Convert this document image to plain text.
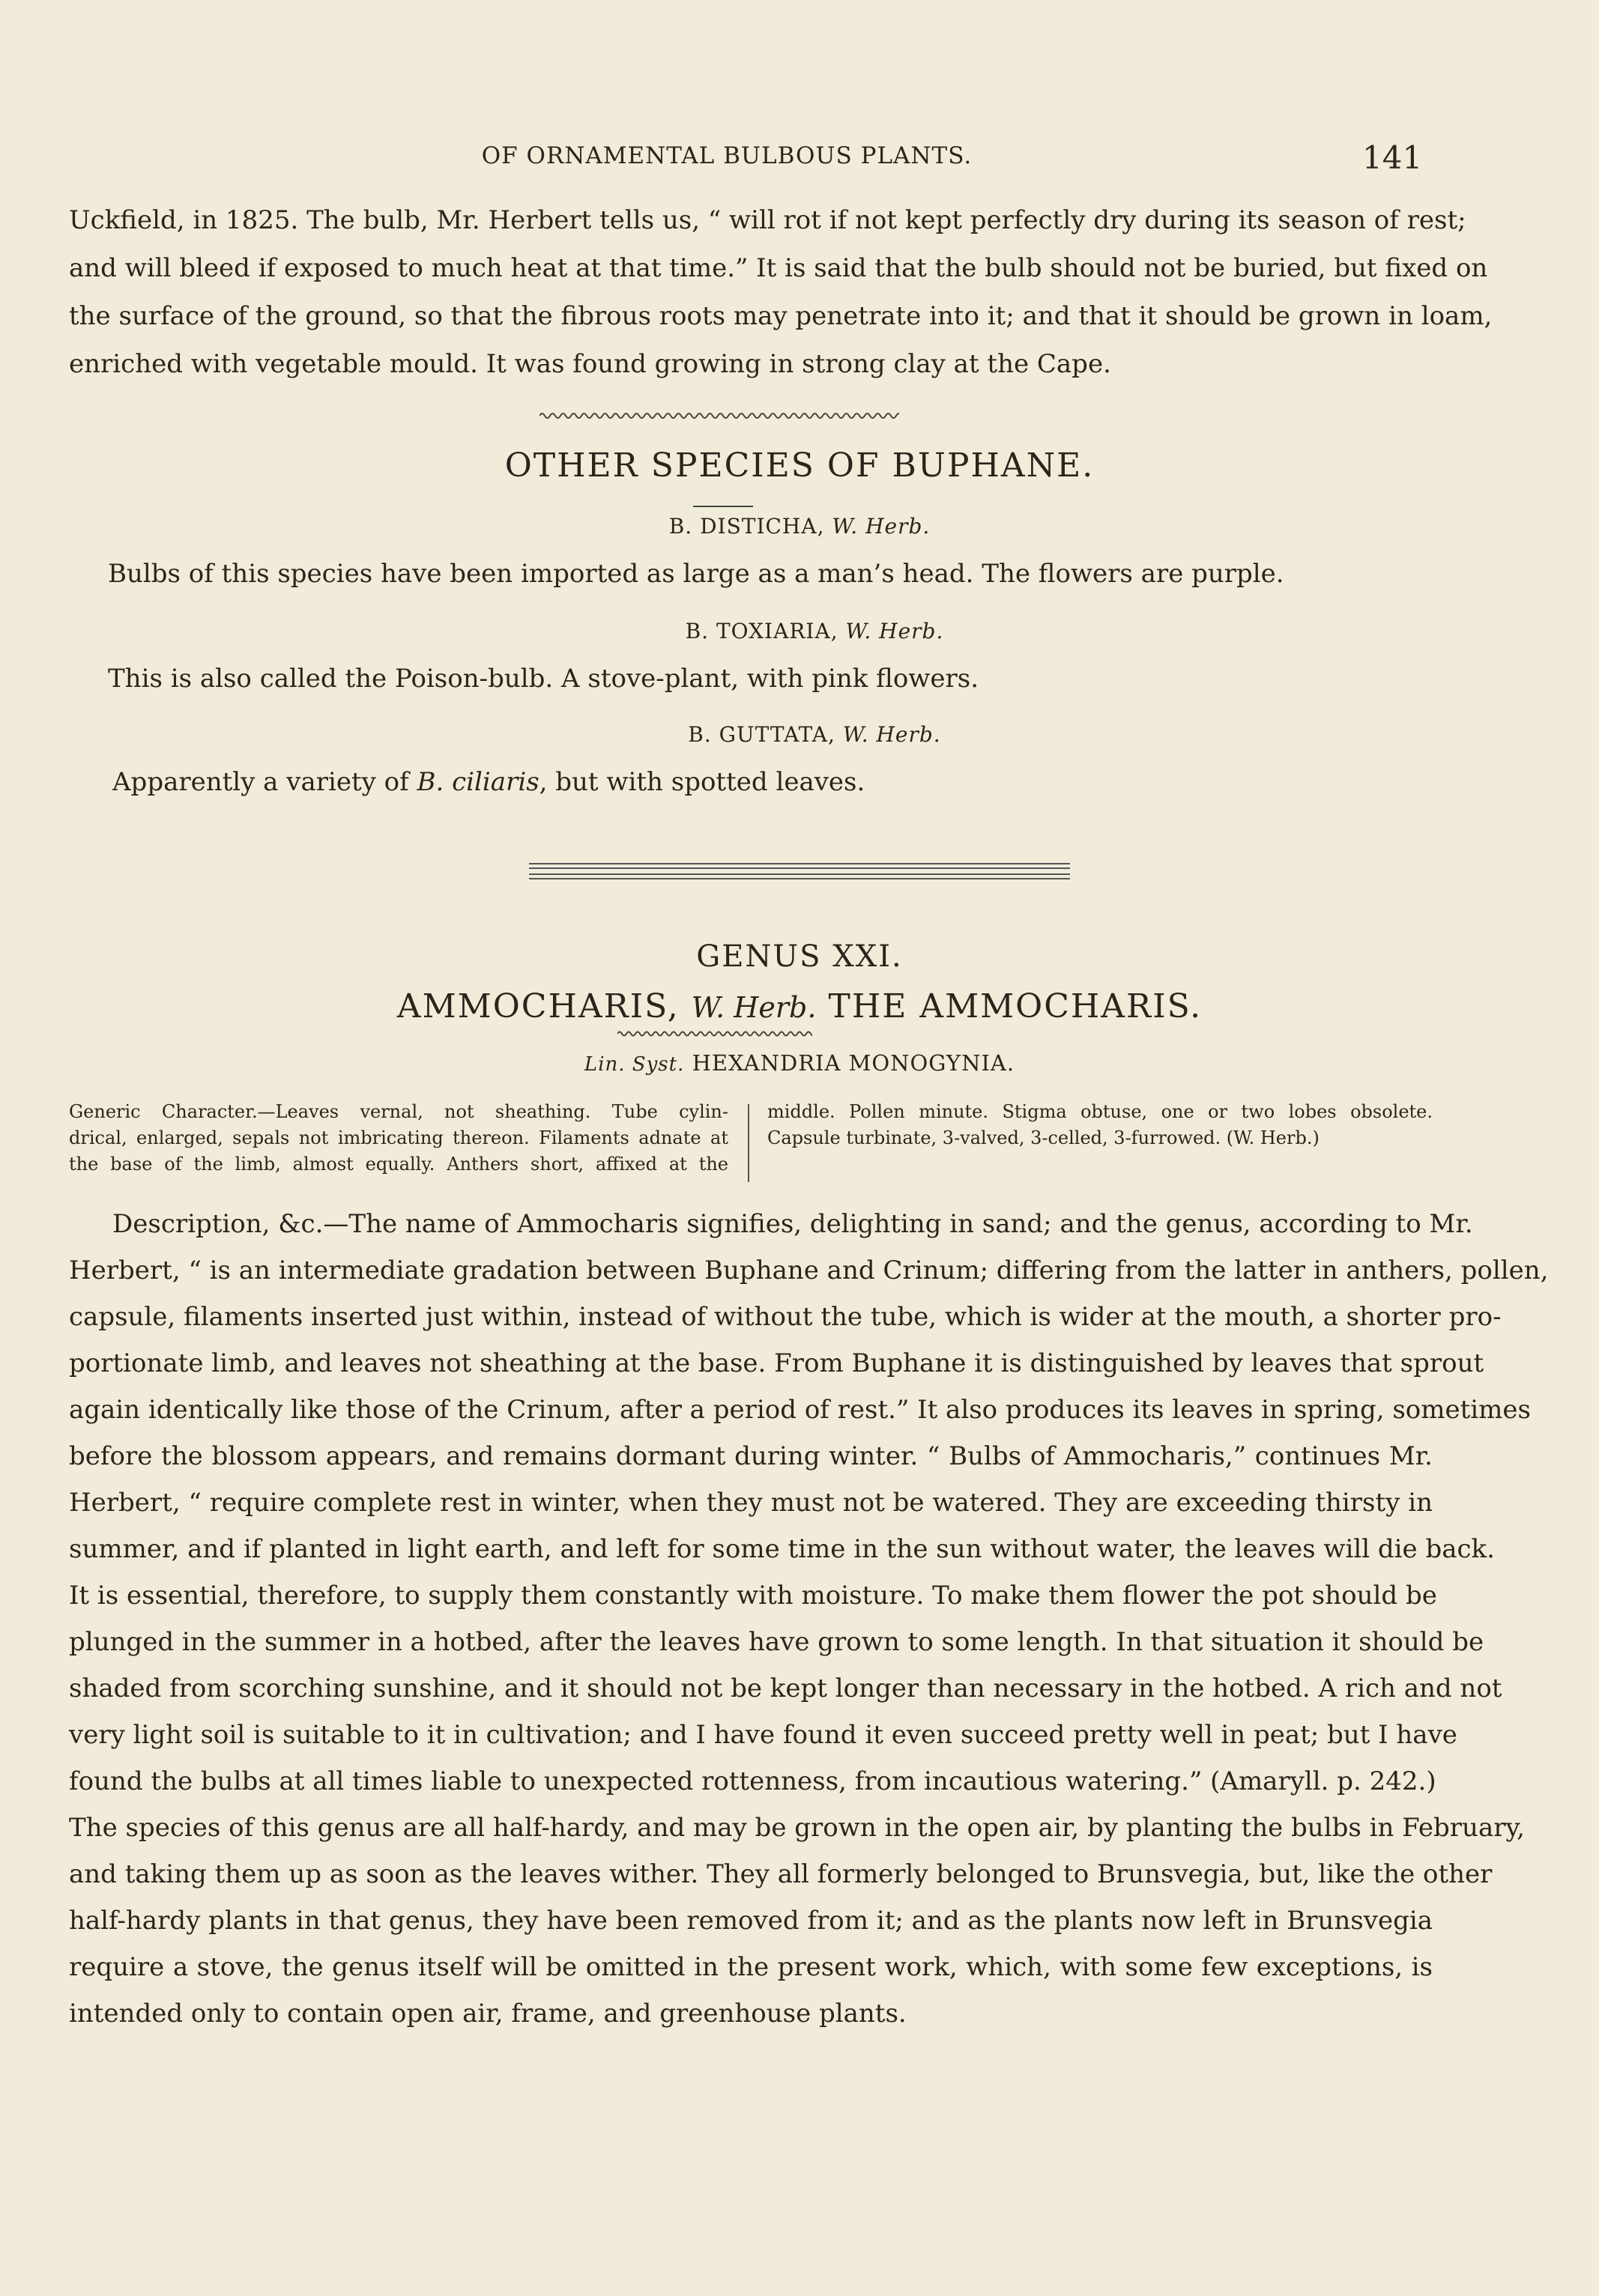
OF ORNAMENTAL BULBOUS PLANTS.	141
Uckfield, in 1825. The bulb, Mr. Herbert tells us, “ will rot if not kept perfectly dry during its season of rest;
and will bleed if exposed to much heat at that time.” It is said that the bulb should not be buried, but fixed on
the surface of the ground, so that the fibrous roots may penetrate into it; and that it should be grown in loam,
enriched with vegetable mould. It was found growing in strong clay at the Cape.
OTHER SPECIES OF BUPHANE.
B. DISTICHA, W. Herb.
Bulbs of this species have been imported as large as a man’s head. The flowers are purple.
B. TOXIARIA, W. Herb.
This is also called the Poison-bulb. A stove-plant, with pink flowers.
B. GUTTATA, W. Herb.
Apparently a variety of B. ciliaris, but with spotted leaves.
GENUS XXI.
AMMOCHARIS, W. Herb. THE AMMOCHARIS.
Lin. Syst. HEXANDRIA MONOGYNIA.
Generic Character.—Leaves vernal, not sheathing. Tube cylin-
drical, enlarged, sepals not imbricating thereon. Filaments adnate at
the base of the limb, almost equally. Anthers short, affixed at the
middle. Pollen minute. Stigma obtuse, one or two lobes obsolete.
Capsule turbinate, 3-valved, 3-celled, 3-furrowed. (W. Herb.)
Description, &c.—The name of Ammocharis signifies, delighting in sand; and the genus, according to Mr.
Herbert, “ is an intermediate gradation between Buphane and Crinum; differing from the latter in anthers, pollen,
capsule, filaments inserted just within, instead of without the tube, which is wider at the mouth, a shorter pro-
portionate limb, and leaves not sheathing at the base. From Buphane it is distinguished by leaves that sprout
again identically like those of the Crinum, after a period of rest.” It also produces its leaves in spring, sometimes
before the blossom appears, and remains dormant during winter. “ Bulbs of Ammocharis,” continues Mr.
Herbert, “ require complete rest in winter, when they must not be watered. They are exceeding thirsty in
summer, and if planted in light earth, and left for some time in the sun without water, the leaves will die back.
It is essential, therefore, to supply them constantly with moisture. To make them flower the pot should be
plunged in the summer in a hotbed, after the leaves have grown to some length. In that situation it should be
shaded from scorching sunshine, and it should not be kept longer than necessary in the hotbed. A rich and not
very light soil is suitable to it in cultivation; and I have found it even succeed pretty well in peat; but I have
found the bulbs at all times liable to unexpected rottenness, from incautious watering.” (Amaryll. p. 242.)
The species of this genus are all half-hardy, and may be grown in the open air, by planting the bulbs in February,
and taking them up as soon as the leaves wither. They all formerly belonged to Brunsvegia, but, like the other
half-hardy plants in that genus, they have been removed from it; and as the plants now left in Brunsvegia
require a stove, the genus itself will be omitted in the present work, which, with some few exceptions, is
intended only to contain open air, frame, and greenhouse plants.
